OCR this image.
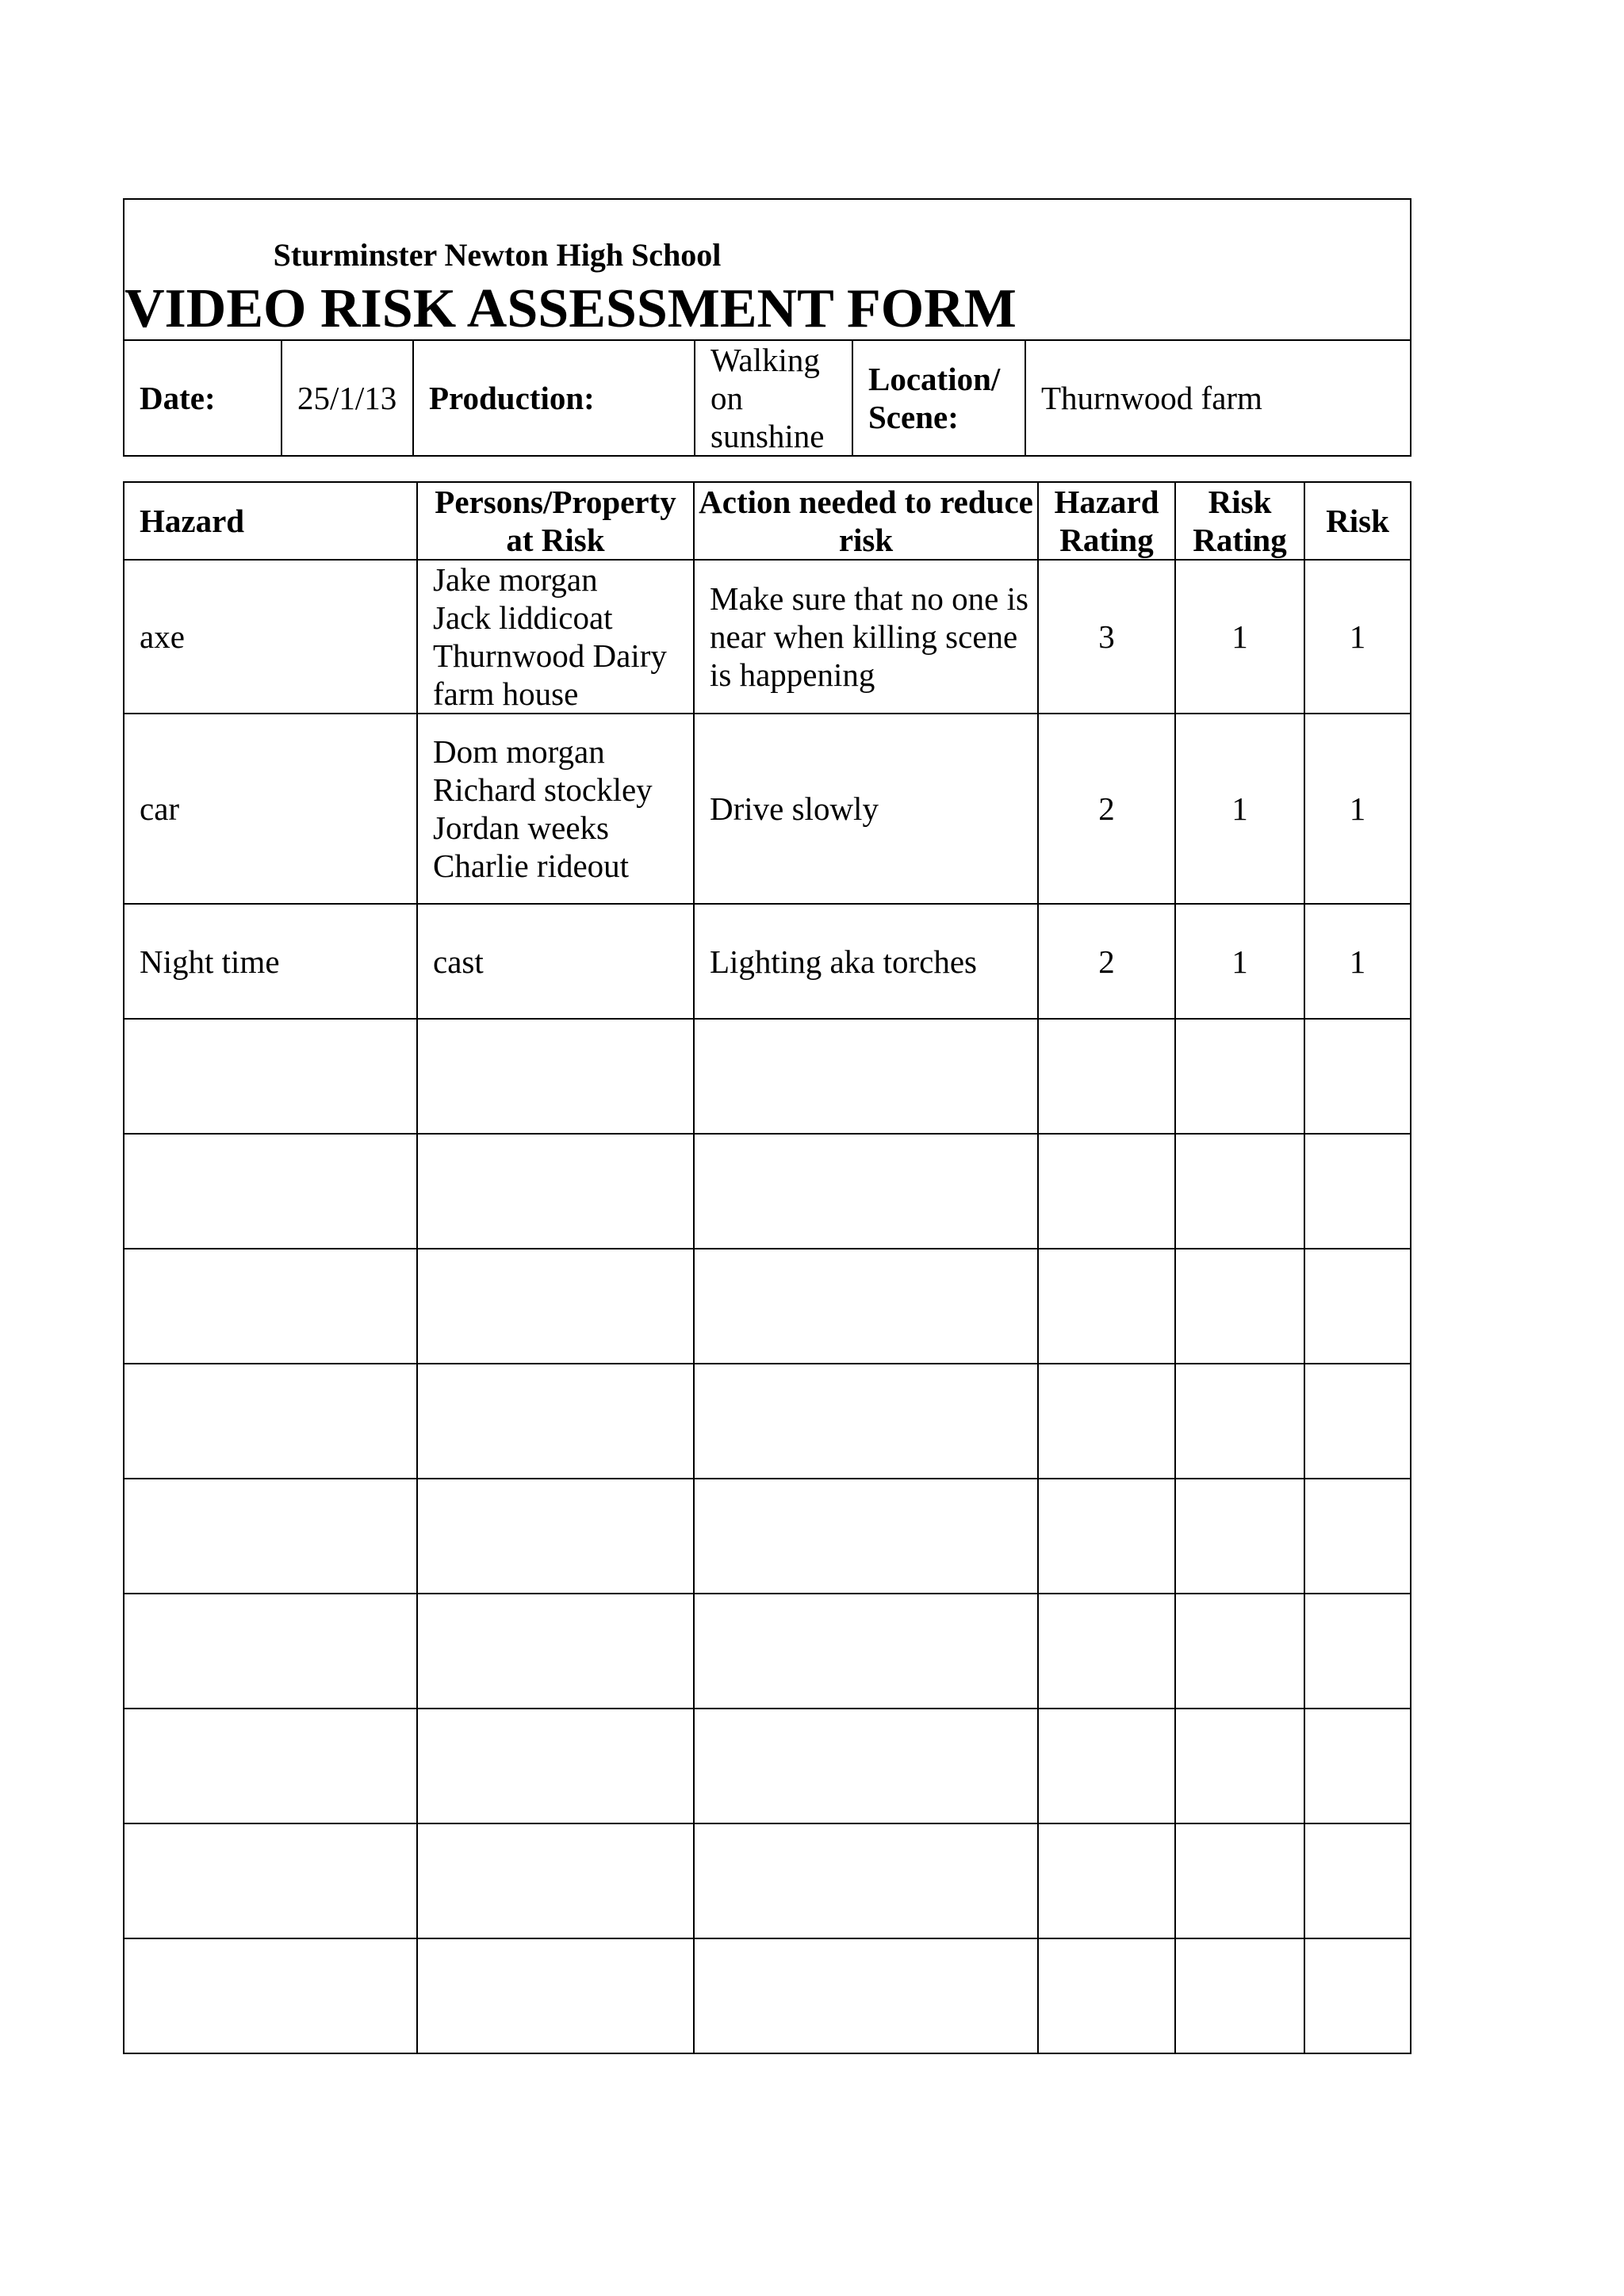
Sturminster Newton High School
VIDEO RISK ASSESSMENT FORM

Date:	25/1/13	Production:	Walking
on
sunshine	Location/
Scene:	Thurnwood farm
Hazard	Persons/Property at Risk	Action needed to reduce risk	Hazard Rating	Risk Rating	Risk
axe	Jake morgan
Jack liddicoat
Thurnwood Dairy
farm house	Make sure that no one is near when killing scene is happening	3	1	1
car	Dom morgan
Richard stockley
Jordan weeks
Charlie rideout	Drive slowly	2	1	1
Night time	cast	Lighting aka torches	2	1	1
